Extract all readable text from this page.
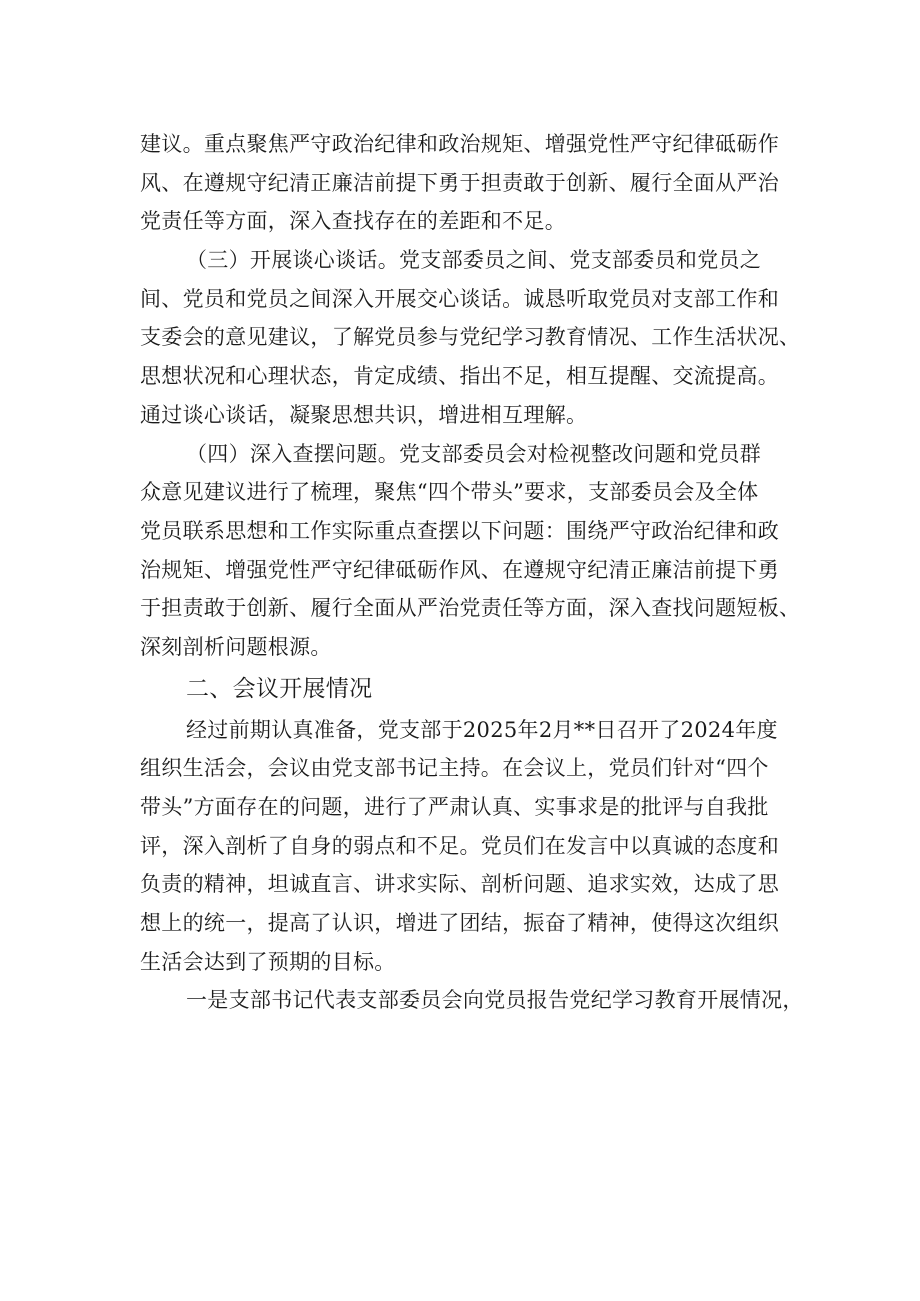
建议。重点聚焦严守政治纪律和政治规矩、增强党性严守纪律砥砺作
风、在遵规守纪清正廉洁前提下勇于担责敢于创新、履行全面从严治
党责任等方面，深入查找存在的差距和不足。
（三）开展谈心谈话。党支部委员之间、党支部委员和党员之
间、党员和党员之间深入开展交心谈话。诚恳听取党员对支部工作和
支委会的意见建议，了解党员参与党纪学习教育情况、工作生活状况、
思想状况和心理状态，肯定成绩、指出不足，相互提醒、交流提高。
通过谈心谈话，凝聚思想共识，增进相互理解。
（四）深入查摆问题。党支部委员会对检视整改问题和党员群
众意见建议进行了梳理，聚焦“四个带头”要求，支部委员会及全体
党员联系思想和工作实际重点查摆以下问题：围绕严守政治纪律和政
治规矩、增强党性严守纪律砥砺作风、在遵规守纪清正廉洁前提下勇
于担责敢于创新、履行全面从严治党责任等方面，深入查找问题短板、
深刻剖析问题根源。
二、会议开展情况
经过前期认真准备，党支部于2025年2月**日召开了2024年度
组织生活会，会议由党支部书记主持。在会议上，党员们针对“四个
带头”方面存在的问题，进行了严肃认真、实事求是的批评与自我批
评，深入剖析了自身的弱点和不足。党员们在发言中以真诚的态度和
负责的精神，坦诚直言、讲求实际、剖析问题、追求实效，达成了思
想上的统一，提高了认识，增进了团结，振奋了精神，使得这次组织
生活会达到了预期的目标。
一是支部书记代表支部委员会向党员报告党纪学习教育开展情况，
